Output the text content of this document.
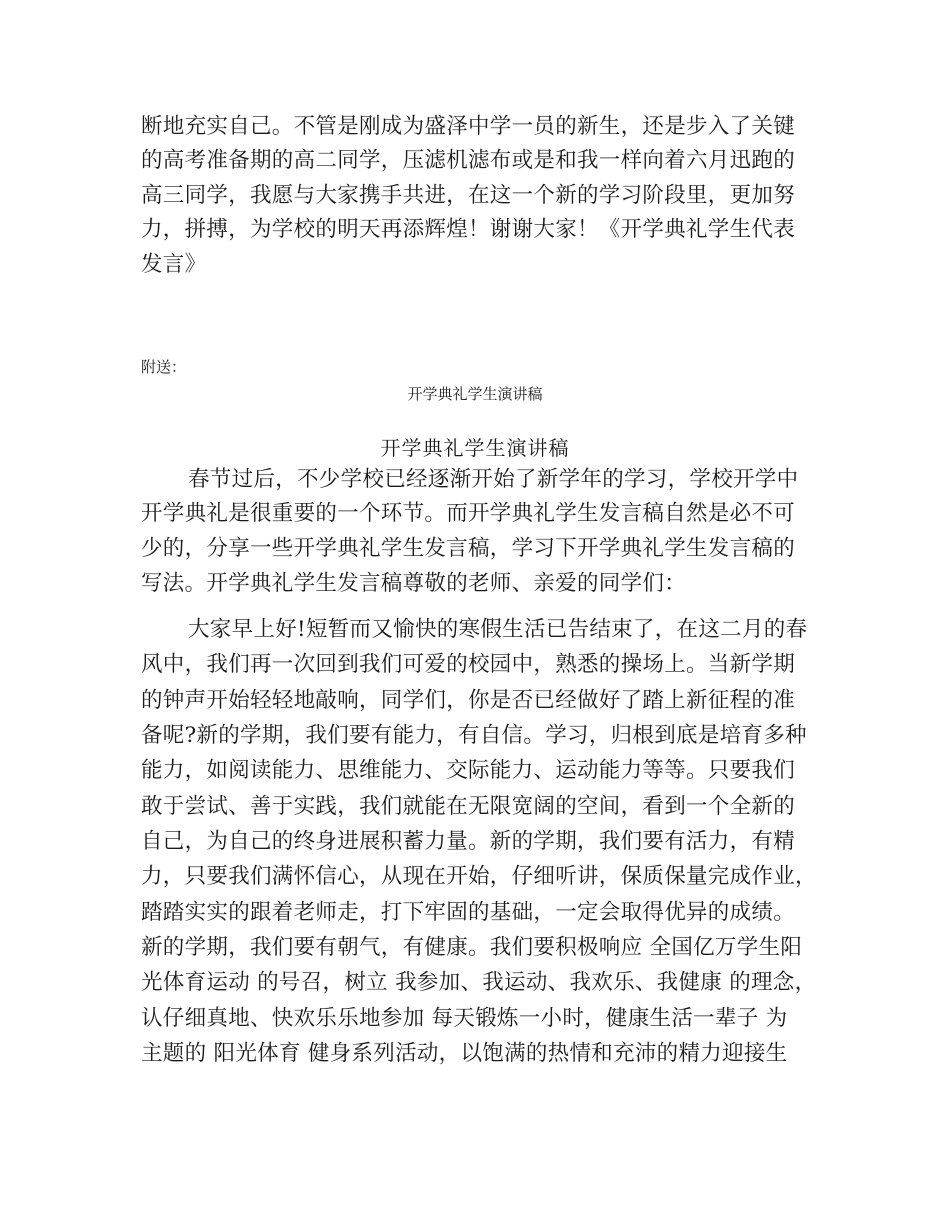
断地充实自己。不管是刚成为盛泽中学一员的新生，还是步入了关键
的高考准备期的高二同学，压滤机滤布或是和我一样向着六月迅跑的
高三同学，我愿与大家携手共进，在这一个新的学习阶段里，更加努
力，拼搏，为学校的明天再添辉煌！谢谢大家！《开学典礼学生代表
发言》
附送：
开学典礼学生演讲稿
开学典礼学生演讲稿
春节过后，不少学校已经逐渐开始了新学年的学习，学校开学中
开学典礼是很重要的一个环节。而开学典礼学生发言稿自然是必不可
少的，分享一些开学典礼学生发言稿，学习下开学典礼学生发言稿的
写法。开学典礼学生发言稿尊敬的老师、亲爱的同学们：
大家早上好!短暂而又愉快的寒假生活已告结束了，在这二月的春
风中，我们再一次回到我们可爱的校园中，熟悉的操场上。当新学期
的钟声开始轻轻地敲响，同学们，你是否已经做好了踏上新征程的准
备呢?新的学期，我们要有能力，有自信。学习，归根到底是培育多种
能力，如阅读能力、思维能力、交际能力、运动能力等等。只要我们
敢于尝试、善于实践，我们就能在无限宽阔的空间，看到一个全新的
自己，为自己的终身进展积蓄力量。新的学期，我们要有活力，有精
力，只要我们满怀信心，从现在开始，仔细听讲，保质保量完成作业，
踏踏实实的跟着老师走，打下牢固的基础，一定会取得优异的成绩。
新的学期，我们要有朝气，有健康。我们要积极响应 全国亿万学生阳
光体育运动 的号召，树立 我参加、我运动、我欢乐、我健康 的理念，
认仔细真地、快欢乐乐地参加 每天锻炼一小时，健康生活一辈子 为
主题的 阳光体育 健身系列活动，以饱满的热情和充沛的精力迎接生
